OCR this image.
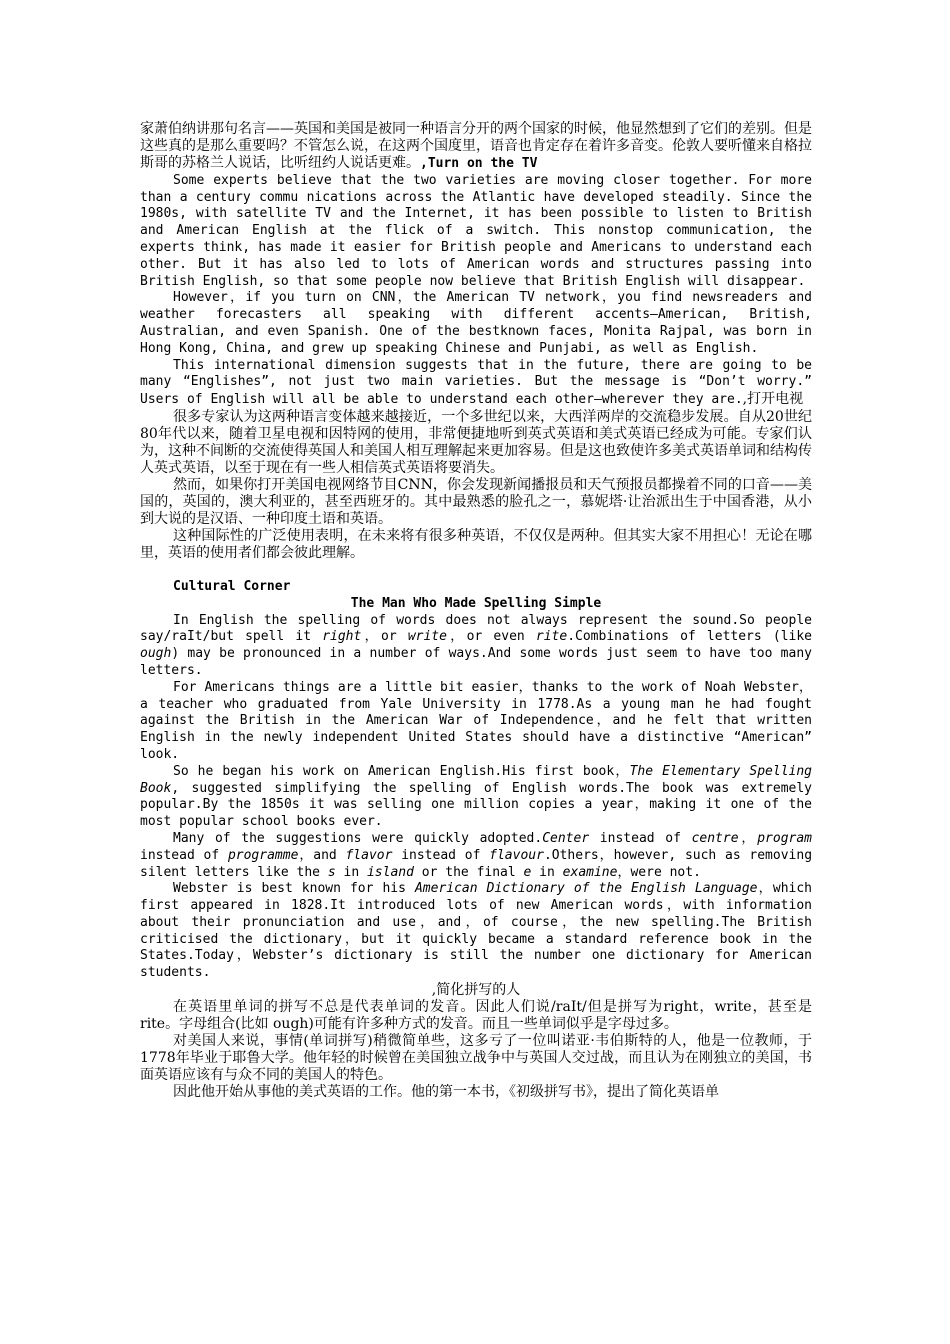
家萧伯纳讲那句名言——英国和美国是被同一种语言分开的两个国家的时候，他显然想到了它们的差别。但是这些真的是那么重要吗？不管怎么说，在这两个国度里，语音也肯定存在着许多音变。伦敦人要听懂来自格拉斯哥的苏格兰人说话，比听纽约人说话更难。,Turn on the TV

Some experts believe that the two varieties are moving closer together. For more than a century commu nications across the Atlantic have developed steadily. Since the 1980s, with satellite TV and the Internet, it has been possible to listen to British and American English at the flick of a switch. This nonstop communication, the experts think, has made it easier for British people and Americans to understand each other. But it has also led to lots of American words and structures passing into British English, so that some people now believe that British English will disappear.

However，if you turn on CNN，the American TV network，you find newsreaders and weather forecasters all speaking with different accents—American, British, Australian, and even Spanish. One of the bestknown faces, Monita Rajpal, was born in Hong Kong, China, and grew up speaking Chinese and Punjabi, as well as English.

This international dimension suggests that in the future, there are going to be many “Englishes”, not just two main varieties. But the message is “Don’t worry.” Users of English will all be able to understand each other—wherever they are.,打开电视

很多专家认为这两种语言变体越来越接近，一个多世纪以来，大西洋两岸的交流稳步发展。自从20世纪80年代以来，随着卫星电视和因特网的使用，非常便捷地听到英式英语和美式英语已经成为可能。专家们认为，这种不间断的交流使得英国人和美国人相互理解起来更加容易。但是这也致使许多美式英语单词和结构传人英式英语，以至于现在有一些人相信英式英语将要消失。

然而，如果你打开美国电视网络节目CNN，你会发现新闻播报员和天气预报员都操着不同的口音——美国的，英国的，澳大利亚的，甚至西班牙的。其中最熟悉的脸孔之一，慕妮塔·让治派出生于中国香港，从小到大说的是汉语、一种印度土语和英语。

这种国际性的广泛使用表明，在未来将有很多种英语，不仅仅是两种。但其实大家不用担心！无论在哪里，英语的使用者们都会彼此理解。

Cultural Corner

The Man Who Made Spelling Simple

In English the spelling of words does not always represent the sound.So people say/raIt/but spell it right，or write，or even rite.Combinations of letters (like ough) may be pronounced in a number of ways.And some words just seem to have too many letters.

For Americans things are a little bit easier，thanks to the work of Noah Webster，a teacher who graduated from Yale University in 1778.As a young man he had fought against the British in the American War of Independence，and he felt that written English in the newly independent United States should have a distinctive “American” look.

So he began his work on American English.His first book，The Elementary Spelling Book, suggested simplifying the spelling of English words.The book was extremely popular.By the 1850s it was selling one million copies a year，making it one of the most popular school books ever.

Many of the suggestions were quickly adopted.Center instead of centre，program instead of programme，and flavor instead of flavour.Others，however, such as removing silent letters like the s in island or the final e in examine，were not.

Webster is best known for his American Dictionary of the English Language，which first appeared in 1828.It introduced lots of new American words，with information about their pronunciation and use，and，of course，the new spelling.The British criticised the dictionary，but it quickly became a standard reference book in the States.Today，Webster’s dictionary is still the number one dictionary for American students.

,简化拼写的人

在英语里单词的拼写不总是代表单词的发音。因此人们说/raIt/但是拼写为right，write，甚至是 rite。字母组合(比如 ough)可能有许多种方式的发音。而且一些单词似乎是字母过多。

对美国人来说，事情(单词拼写)稍微简单些，这多亏了一位叫诺亚·韦伯斯特的人，他是一位教师，于1778年毕业于耶鲁大学。他年轻的时候曾在美国独立战争中与英国人交过战，而且认为在刚独立的美国，书面英语应该有与众不同的美国人的特色。

因此他开始从事他的美式英语的工作。他的第一本书，《初级拼写书》，提出了简化英语单
